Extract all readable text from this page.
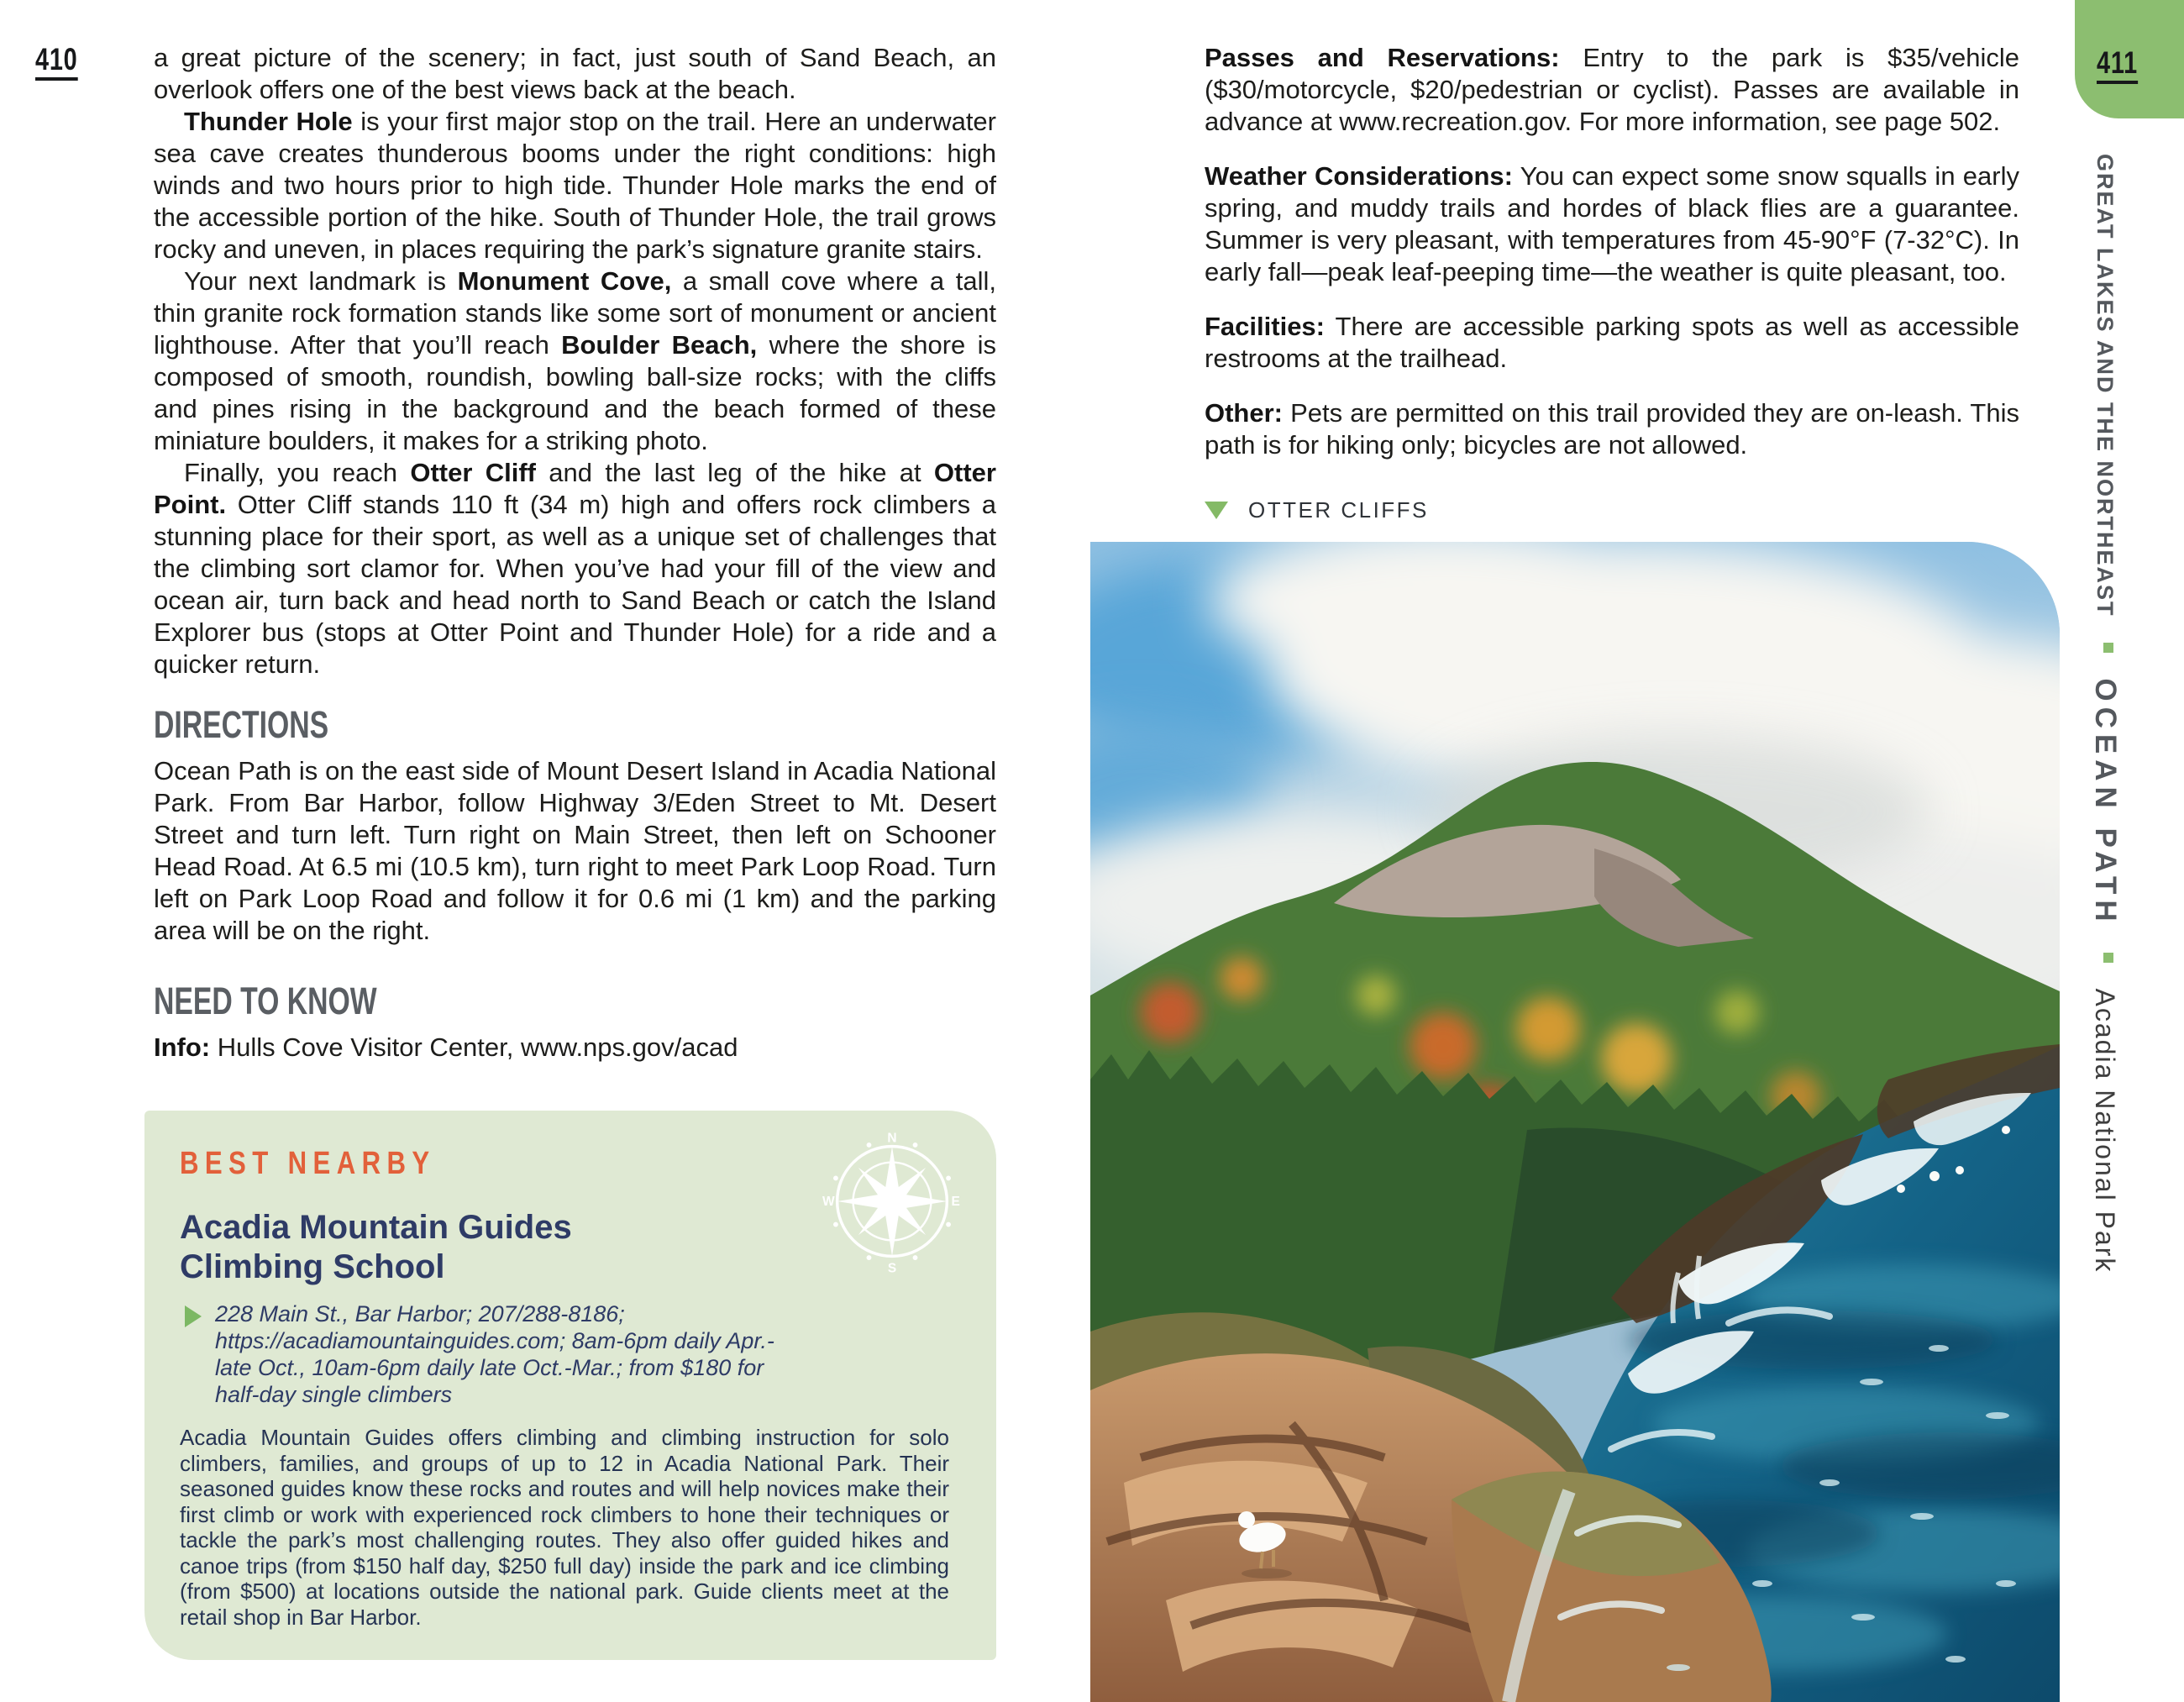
410	a great picture of the scenery; in fact, just south of Sand Beach, an overlook offers one of the best views back at the beach.

Thunder Hole is your first major stop on the trail. Here an underwater sea cave creates thunderous booms under the right conditions: high winds and two hours prior to high tide. Thunder Hole marks the end of the accessible portion of the hike. South of Thunder Hole, the trail grows rocky and uneven, in places requiring the park’s signature granite stairs.

Your next landmark is Monument Cove, a small cove where a tall, thin granite rock formation stands like some sort of monument or ancient lighthouse. After that you’ll reach Boulder Beach, where the shore is composed of smooth, roundish, bowling ball-size rocks; with the cliffs and pines rising in the background and the beach formed of these miniature boulders, it makes for a striking photo.

Finally, you reach Otter Cliff and the last leg of the hike at Otter Point. Otter Cliff stands 110 ft (34 m) high and offers rock climbers a stunning place for their sport, as well as a unique set of challenges that the climbing sort clamor for. When you’ve had your fill of the view and ocean air, turn back and head north to Sand Beach or catch the Island Explorer bus (stops at Otter Point and Thunder Hole) for a ride and a quicker return.

DIRECTIONS

Ocean Path is on the east side of Mount Desert Island in Acadia National Park. From Bar Harbor, follow Highway 3/Eden Street to Mt. Desert Street and turn left. Turn right on Main Street, then left on Schooner Head Road. At 6.5 mi (10.5 km), turn right to meet Park Loop Road. Turn left on Park Loop Road and follow it for 0.6 mi (1 km) and the parking area will be on the right.

NEED TO KNOW

Info: Hulls Cove Visitor Center, www.nps.gov/acad

N
E
S
W
BEST NEARBY
Acadia Mountain Guides
Climbing School
228 Main St., Bar Harbor; 207/288-8186; https://acadiamountainguides.com; 8am-6pm daily Apr.-late Oct., 10am-6pm daily late Oct.-Mar.; from $180 for half-day single climbers

Acadia Mountain Guides offers climbing and climbing instruction for solo climbers, families, and groups of up to 12 in Acadia National Park. Their seasoned guides know these rocks and routes and will help novices make their first climb or work with experienced rock climbers to hone their techniques or tackle the park’s most challenging routes. They also offer guided hikes and canoe trips (from $150 half day, $250 full day) inside the park and ice climbing (from $500) at locations outside the national park. Guide clients meet at the retail shop in Bar Harbor.

Passes and Reservations: Entry to the park is $35/vehicle ($30/motorcycle, $20/pedestrian or cyclist). Passes are available in advance at www.recreation.gov. For more information, see page 502.

Weather Considerations: You can expect some snow squalls in early spring, and muddy trails and hordes of black flies are a guarantee. Summer is very pleasant, with temperatures from 45-90°F (7-32°C). In early fall—peak leaf-peeping time—the weather is quite pleasant, too.

Facilities: There are accessible parking spots as well as accessible restrooms at the trailhead.

Other: Pets are permitted on this trail provided they are on-leash. This path is for hiking only; bicycles are not allowed.

OTTER CLIFFS
411
GREAT LAKES AND THE NORTHEAST  OCEAN PATH  Acadia National Park
